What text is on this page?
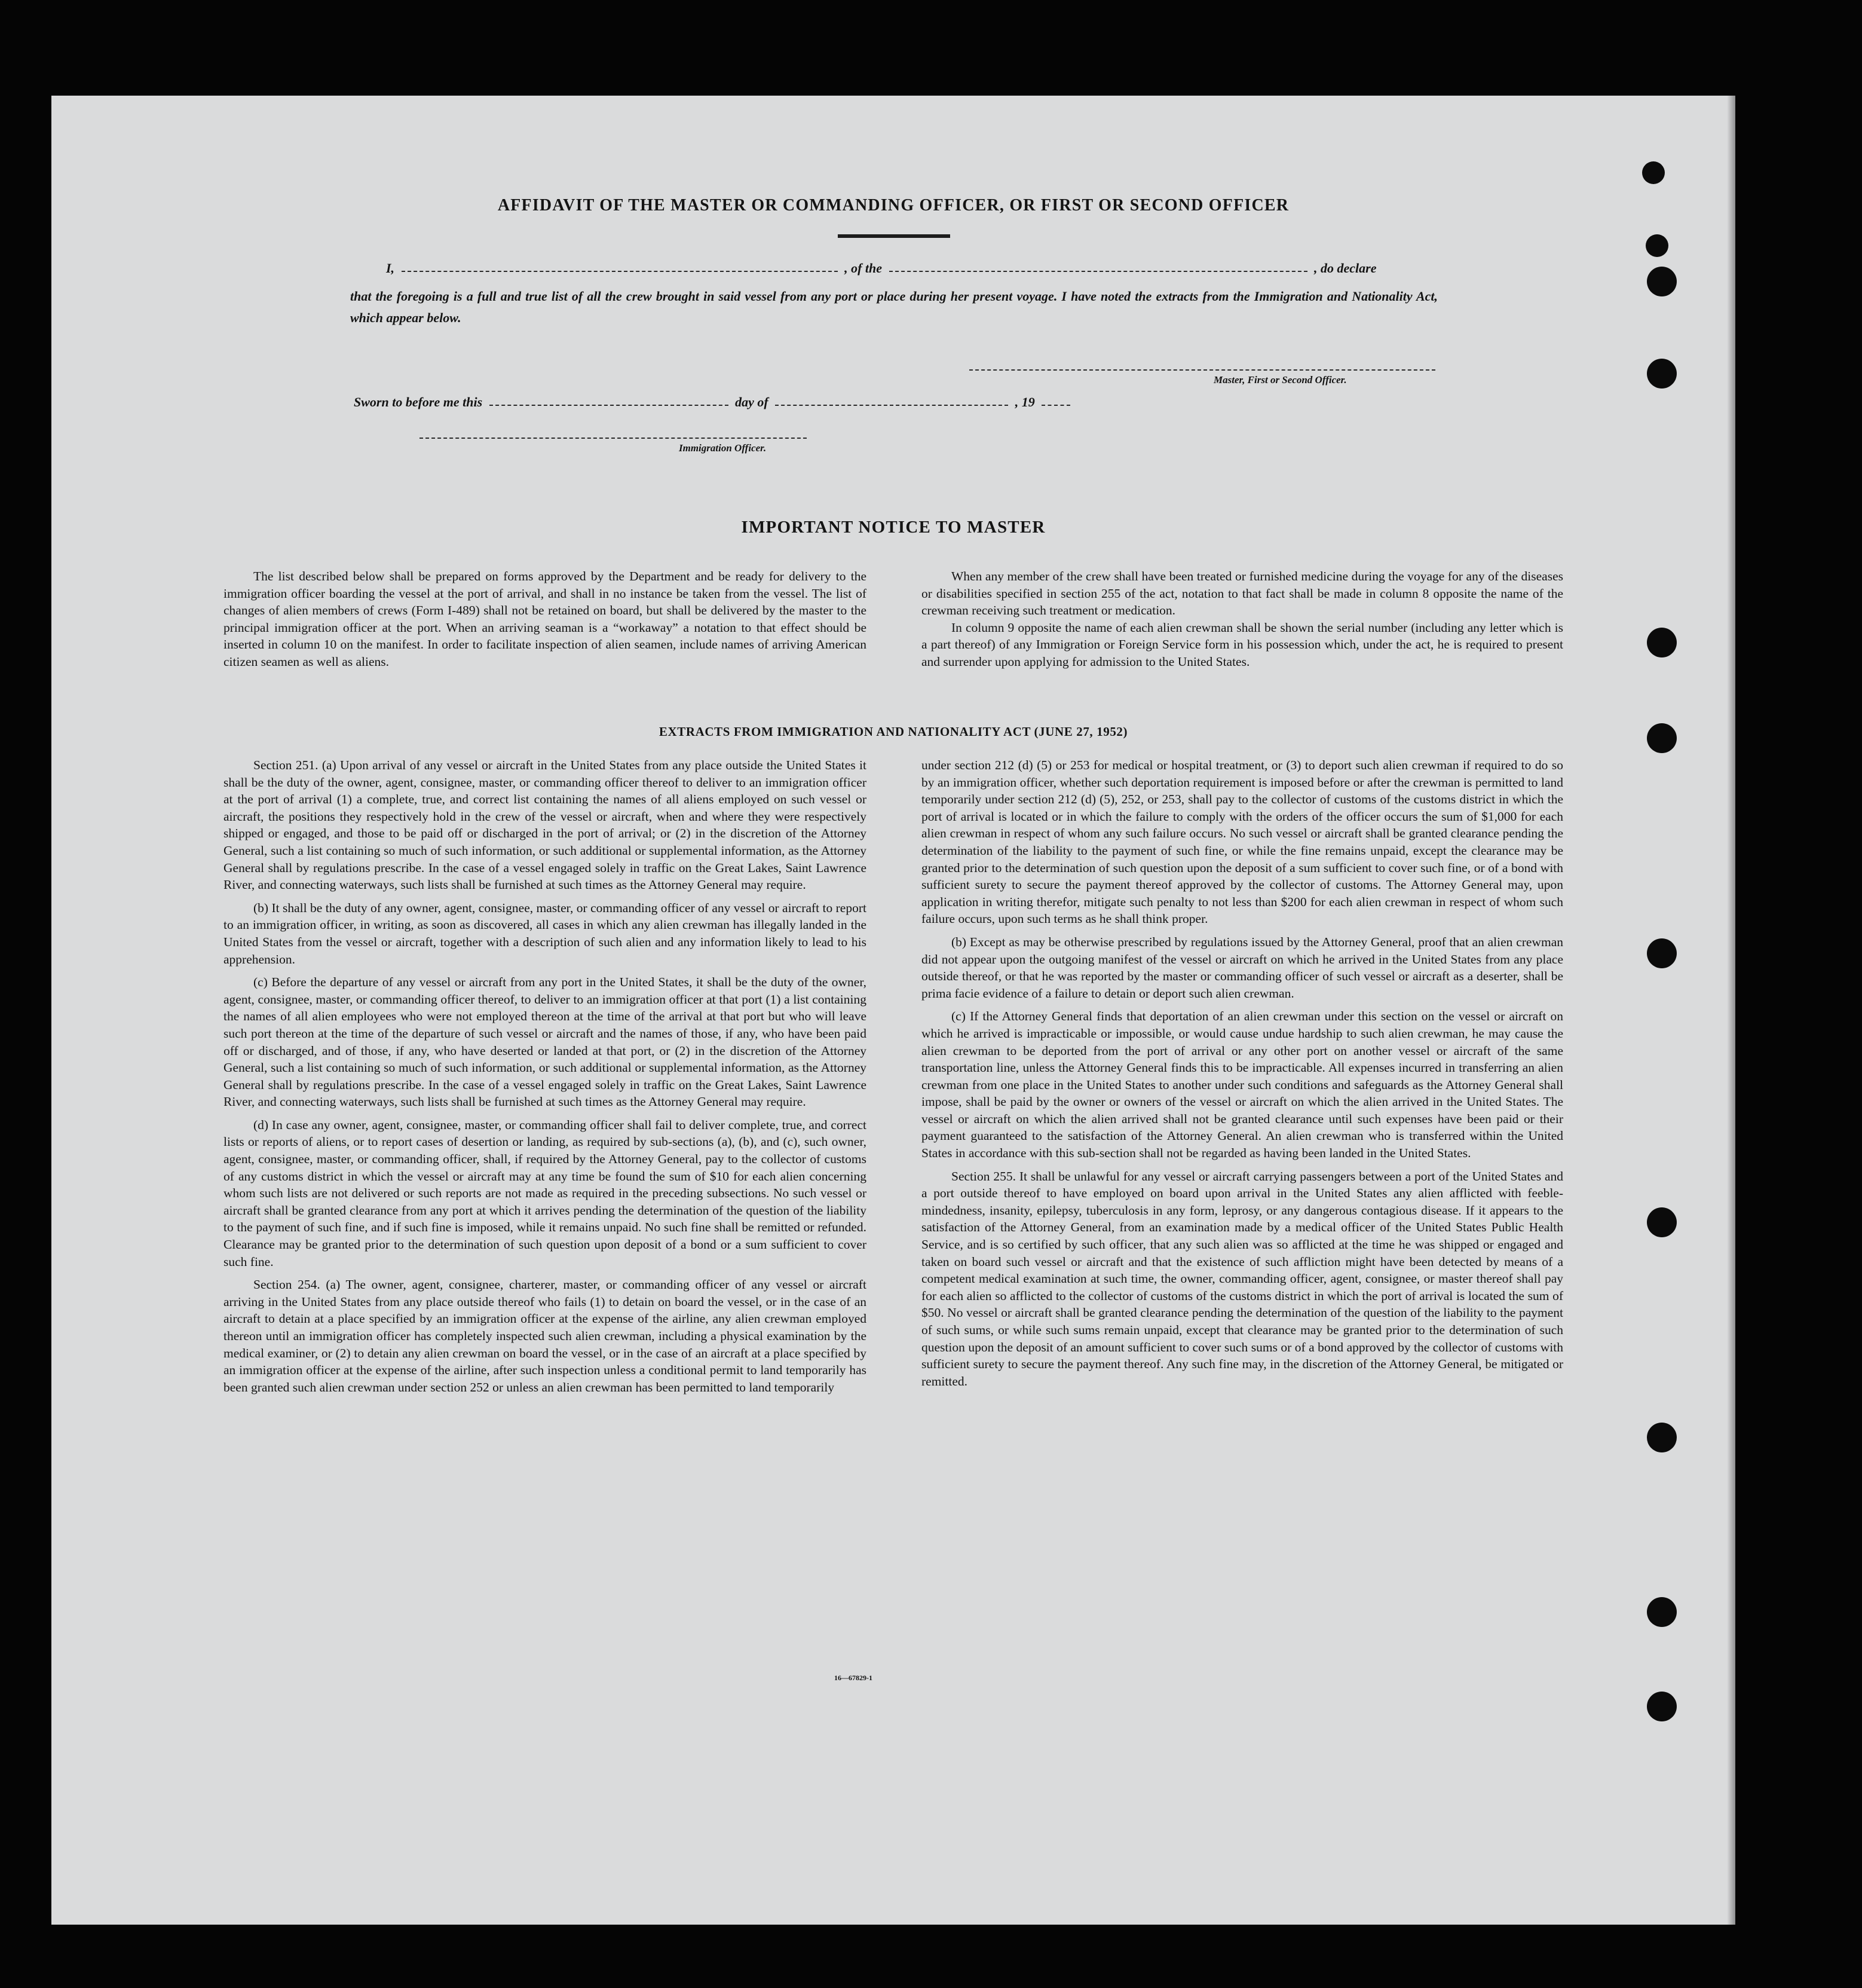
AFFIDAVIT OF THE MASTER OR COMMANDING OFFICER, OR FIRST OR SECOND OFFICER
I,	, of the	, do declare
that the foregoing is a full and true list of all the crew brought in said vessel from any port or place during her present voyage. I have noted the extracts from the Immigration and Nationality Act, which appear below.
Master, First or Second Officer.
Sworn to before me this	day of	, 19
Immigration Officer.
IMPORTANT NOTICE TO MASTER

The list described below shall be prepared on forms approved by the Department and be ready for delivery to the immigration officer boarding the vessel at the port of arrival, and shall in no instance be taken from the vessel. The list of changes of alien members of crews (Form I-489) shall not be retained on board, but shall be delivered by the master to the principal immigration officer at the port. When an arriving seaman is a “workaway” a notation to that effect should be inserted in column 10 on the manifest. In order to facilitate inspection of alien seamen, include names of arriving American citizen seamen as well as aliens.

When any member of the crew shall have been treated or furnished medicine during the voyage for any of the diseases or disabilities specified in section 255 of the act, notation to that fact shall be made in column 8 opposite the name of the crewman receiving such treatment or medication.

In column 9 opposite the name of each alien crewman shall be shown the serial number (including any letter which is a part thereof) of any Immigration or Foreign Service form in his possession which, under the act, he is required to present and surrender upon applying for admission to the United States.

EXTRACTS FROM IMMIGRATION AND NATIONALITY ACT (JUNE 27, 1952)

Section 251. (a) Upon arrival of any vessel or aircraft in the United States from any place outside the United States it shall be the duty of the owner, agent, consignee, master, or commanding officer thereof to deliver to an immigration officer at the port of arrival (1) a complete, true, and correct list containing the names of all aliens employed on such vessel or aircraft, the positions they respectively hold in the crew of the vessel or aircraft, when and where they were respectively shipped or engaged, and those to be paid off or discharged in the port of arrival; or (2) in the discretion of the Attorney General, such a list containing so much of such information, or such additional or supplemental information, as the Attorney General shall by regulations prescribe. In the case of a vessel engaged solely in traffic on the Great Lakes, Saint Lawrence River, and connecting waterways, such lists shall be furnished at such times as the Attorney General may require.

(b) It shall be the duty of any owner, agent, consignee, master, or commanding officer of any vessel or aircraft to report to an immigration officer, in writing, as soon as discovered, all cases in which any alien crewman has illegally landed in the United States from the vessel or aircraft, together with a description of such alien and any information likely to lead to his apprehension.

(c) Before the departure of any vessel or aircraft from any port in the United States, it shall be the duty of the owner, agent, consignee, master, or commanding officer thereof, to deliver to an immigration officer at that port (1) a list containing the names of all alien employees who were not employed thereon at the time of the arrival at that port but who will leave such port thereon at the time of the departure of such vessel or aircraft and the names of those, if any, who have been paid off or discharged, and of those, if any, who have deserted or landed at that port, or (2) in the discretion of the Attorney General, such a list containing so much of such information, or such additional or supplemental information, as the Attorney General shall by regulations prescribe. In the case of a vessel engaged solely in traffic on the Great Lakes, Saint Lawrence River, and connecting waterways, such lists shall be furnished at such times as the Attorney General may require.

(d) In case any owner, agent, consignee, master, or commanding officer shall fail to deliver complete, true, and correct lists or reports of aliens, or to report cases of desertion or landing, as required by sub-sections (a), (b), and (c), such owner, agent, consignee, master, or commanding officer, shall, if required by the Attorney General, pay to the collector of customs of any customs district in which the vessel or aircraft may at any time be found the sum of $10 for each alien concerning whom such lists are not delivered or such reports are not made as required in the preceding subsections. No such vessel or aircraft shall be granted clearance from any port at which it arrives pending the determination of the question of the liability to the payment of such fine, and if such fine is imposed, while it remains unpaid. No such fine shall be remitted or refunded. Clearance may be granted prior to the determination of such question upon deposit of a bond or a sum sufficient to cover such fine.

Section 254. (a) The owner, agent, consignee, charterer, master, or commanding officer of any vessel or aircraft arriving in the United States from any place outside thereof who fails (1) to detain on board the vessel, or in the case of an aircraft to detain at a place specified by an immigration officer at the expense of the airline, any alien crewman employed thereon until an immigration officer has completely inspected such alien crewman, including a physical examination by the medical examiner, or (2) to detain any alien crewman on board the vessel, or in the case of an aircraft at a place specified by an immigration officer at the expense of the airline, after such inspection unless a conditional permit to land temporarily has been granted such alien crewman under section 252 or unless an alien crewman has been permitted to land temporarily

under section 212 (d) (5) or 253 for medical or hospital treatment, or (3) to deport such alien crewman if required to do so by an immigration officer, whether such deportation requirement is imposed before or after the crewman is permitted to land temporarily under section 212 (d) (5), 252, or 253, shall pay to the collector of customs of the customs district in which the port of arrival is located or in which the failure to comply with the orders of the officer occurs the sum of $1,000 for each alien crewman in respect of whom any such failure occurs. No such vessel or aircraft shall be granted clearance pending the determination of the liability to the payment of such fine, or while the fine remains unpaid, except the clearance may be granted prior to the determination of such question upon the deposit of a sum sufficient to cover such fine, or of a bond with sufficient surety to secure the payment thereof approved by the collector of customs. The Attorney General may, upon application in writing therefor, mitigate such penalty to not less than $200 for each alien crewman in respect of whom such failure occurs, upon such terms as he shall think proper.

(b) Except as may be otherwise prescribed by regulations issued by the Attorney General, proof that an alien crewman did not appear upon the outgoing manifest of the vessel or aircraft on which he arrived in the United States from any place outside thereof, or that he was reported by the master or commanding officer of such vessel or aircraft as a deserter, shall be prima facie evidence of a failure to detain or deport such alien crewman.

(c) If the Attorney General finds that deportation of an alien crewman under this section on the vessel or aircraft on which he arrived is impracticable or impossible, or would cause undue hardship to such alien crewman, he may cause the alien crewman to be deported from the port of arrival or any other port on another vessel or aircraft of the same transportation line, unless the Attorney General finds this to be impracticable. All expenses incurred in transferring an alien crewman from one place in the United States to another under such conditions and safeguards as the Attorney General shall impose, shall be paid by the owner or owners of the vessel or aircraft on which the alien arrived in the United States. The vessel or aircraft on which the alien arrived shall not be granted clearance until such expenses have been paid or their payment guaranteed to the satisfaction of the Attorney General. An alien crewman who is transferred within the United States in accordance with this sub-section shall not be regarded as having been landed in the United States.

Section 255. It shall be unlawful for any vessel or aircraft carrying passengers between a port of the United States and a port outside thereof to have employed on board upon arrival in the United States any alien afflicted with feeble-mindedness, insanity, epilepsy, tuberculosis in any form, leprosy, or any dangerous contagious disease. If it appears to the satisfaction of the Attorney General, from an examination made by a medical officer of the United States Public Health Service, and is so certified by such officer, that any such alien was so afflicted at the time he was shipped or engaged and taken on board such vessel or aircraft and that the existence of such affliction might have been detected by means of a competent medical examination at such time, the owner, commanding officer, agent, consignee, or master thereof shall pay for each alien so afflicted to the collector of customs of the customs district in which the port of arrival is located the sum of $50. No vessel or aircraft shall be granted clearance pending the determination of the question of the liability to the payment of such sums, or while such sums remain unpaid, except that clearance may be granted prior to the determination of such question upon the deposit of an amount sufficient to cover such sums or of a bond approved by the collector of customs with sufficient surety to secure the payment thereof. Any such fine may, in the discretion of the Attorney General, be mitigated or remitted.

16—67829-1
